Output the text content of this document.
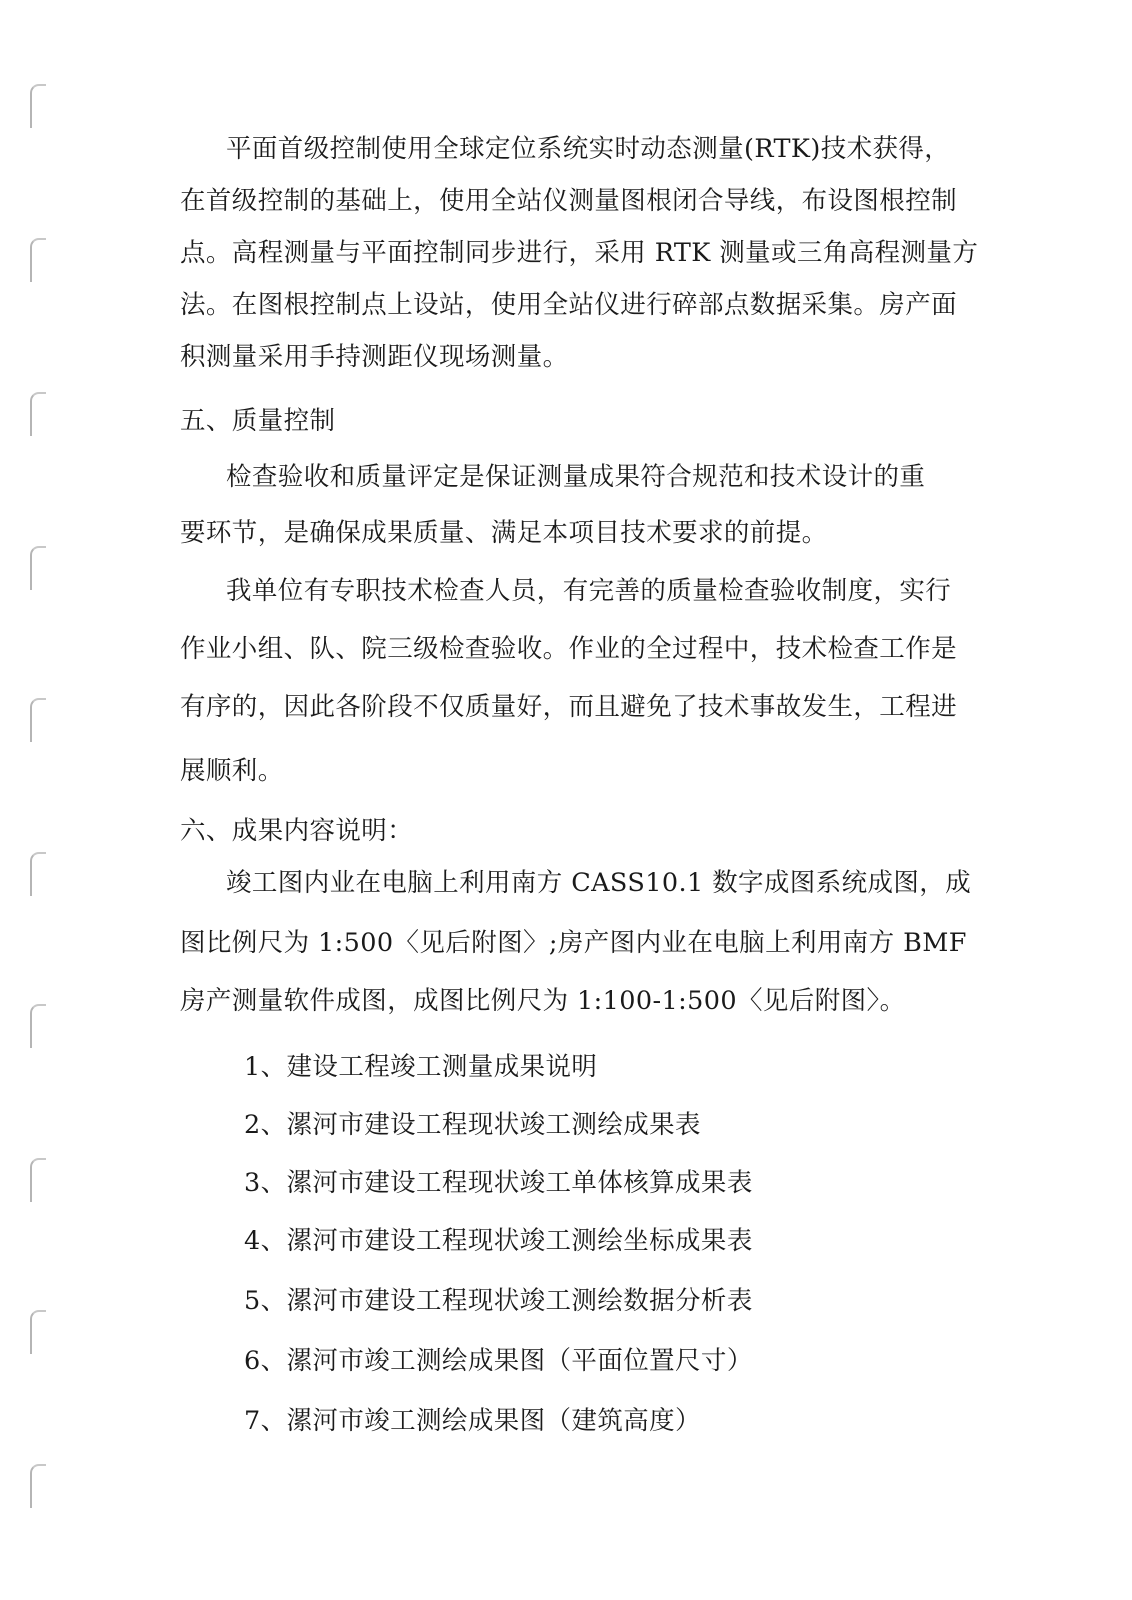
平面首级控制使用全球定位系统实时动态测量(RTK)技术获得，
在首级控制的基础上，使用全站仪测量图根闭合导线，布设图根控制
点。高程测量与平面控制同步进行，采用 RTK 测量或三角高程测量方
法。在图根控制点上设站，使用全站仪进行碎部点数据采集。房产面
积测量采用手持测距仪现场测量。
五、质量控制
检查验收和质量评定是保证测量成果符合规范和技术设计的重
要环节，是确保成果质量、满足本项目技术要求的前提。
我单位有专职技术检查人员，有完善的质量检查验收制度，实行
作业小组、队、院三级检查验收。作业的全过程中，技术检查工作是
有序的，因此各阶段不仅质量好，而且避免了技术事故发生，工程进
展顺利。
六、成果内容说明：
竣工图内业在电脑上利用南方 CASS10.1 数字成图系统成图，成
图比例尺为 1:500〈见后附图〉;房产图内业在电脑上利用南方 BMF
房产测量软件成图，成图比例尺为 1:100-1:500〈见后附图〉。
1、建设工程竣工测量成果说明
2、漯河市建设工程现状竣工测绘成果表
3、漯河市建设工程现状竣工单体核算成果表
4、漯河市建设工程现状竣工测绘坐标成果表
5、漯河市建设工程现状竣工测绘数据分析表
6、漯河市竣工测绘成果图（平面位置尺寸）
7、漯河市竣工测绘成果图（建筑高度）
